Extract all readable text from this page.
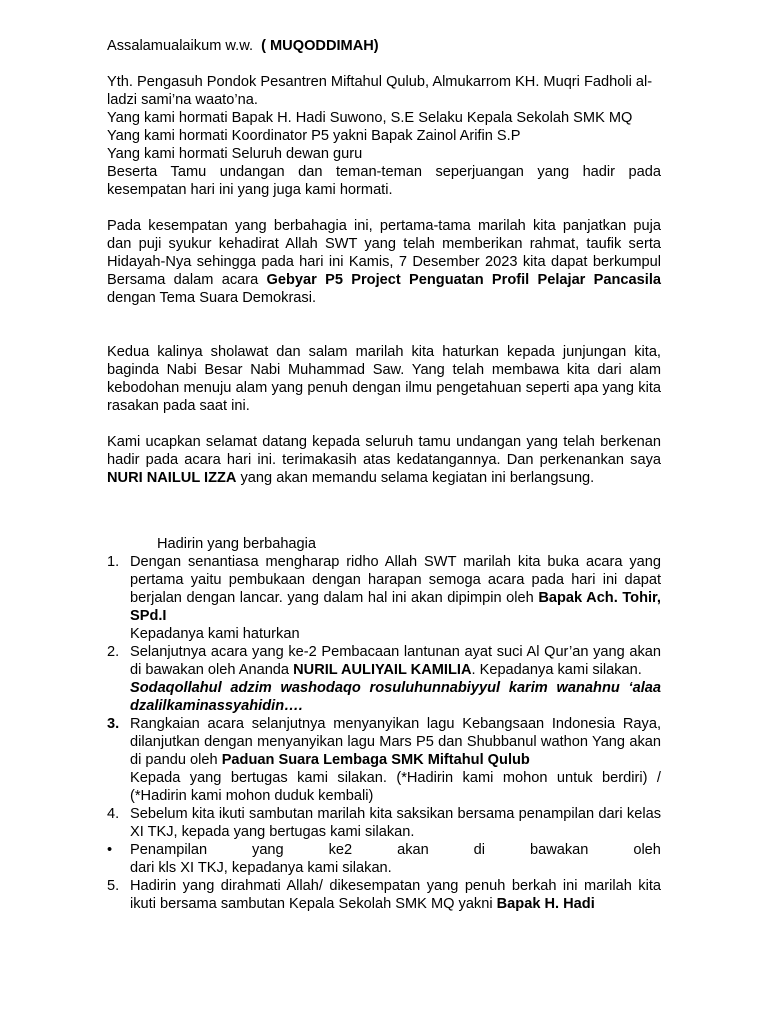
Assalamualaikum w.w. ( MUQODDIMAH)

Yth. Pengasuh Pondok Pesantren Miftahul Qulub, Almukarrom KH. Muqri Fadholi al-ladzi sami’na waato’na.

Yang kami hormati Bapak H. Hadi Suwono, S.E Selaku Kepala Sekolah SMK MQ

Yang kami hormati Koordinator P5 yakni Bapak Zainol Arifin S.P

Yang kami hormati Seluruh dewan guru

Beserta Tamu undangan dan teman-teman seperjuangan yang hadir pada kesempatan hari ini yang juga kami hormati.

Pada kesempatan yang berbahagia ini, pertama-tama marilah kita panjatkan puja dan puji syukur kehadirat Allah SWT yang telah memberikan rahmat, taufik serta Hidayah-Nya sehingga pada hari ini Kamis, 7 Desember 2023 kita dapat berkumpul Bersama dalam acara Gebyar P5 Project Penguatan Profil Pelajar Pancasila dengan Tema Suara Demokrasi.

Kedua kalinya sholawat dan salam marilah kita haturkan kepada junjungan kita, baginda Nabi Besar Nabi Muhammad Saw. Yang telah membawa kita dari alam kebodohan menuju alam yang penuh dengan ilmu pengetahuan seperti apa yang kita rasakan pada saat ini.

Kami ucapkan selamat datang kepada seluruh tamu undangan yang telah berkenan hadir pada acara hari ini. terimakasih atas kedatangannya. Dan perkenankan saya NURI NAILUL IZZA yang akan memandu selama kegiatan ini berlangsung.

Hadirin yang berbahagia

1. Dengan senantiasa mengharap ridho Allah SWT marilah kita buka acara yang pertama yaitu pembukaan dengan harapan semoga acara pada hari ini dapat berjalan dengan lancar. yang dalam hal ini akan dipimpin oleh Bapak Ach. Tohir, SPd.I
Kepadanya kami haturkan
2. Selanjutnya acara yang ke-2 Pembacaan lantunan ayat suci Al Qur’an yang akan di bawakan oleh Ananda NURIL AULIYAIL KAMILIA. Kepadanya kami silakan.
Sodaqollahul adzim washodaqo rosuluhunnabiyyul karim wanahnu ‘alaa dzalilkaminassyahidin….
3. Rangkaian acara selanjutnya menyanyikan lagu Kebangsaan Indonesia Raya, dilanjutkan dengan menyanyikan lagu Mars P5 dan Shubbanul wathon Yang akan di pandu oleh Paduan Suara Lembaga SMK Miftahul Qulub
Kepada yang bertugas kami silakan. (*Hadirin kami mohon untuk berdiri) / (*Hadirin kami mohon duduk kembali)
4. Sebelum kita ikuti sambutan marilah kita saksikan bersama penampilan dari kelas XI TKJ, kepada yang bertugas kami silakan.
• Penampilan	yang	ke2	akan	di	bawakan	oleh
dari kls XI TKJ, kepadanya kami silakan.
5. Hadirin yang dirahmati Allah/ dikesempatan yang penuh berkah ini marilah kita ikuti bersama sambutan Kepala Sekolah SMK MQ yakni Bapak H. Hadi
